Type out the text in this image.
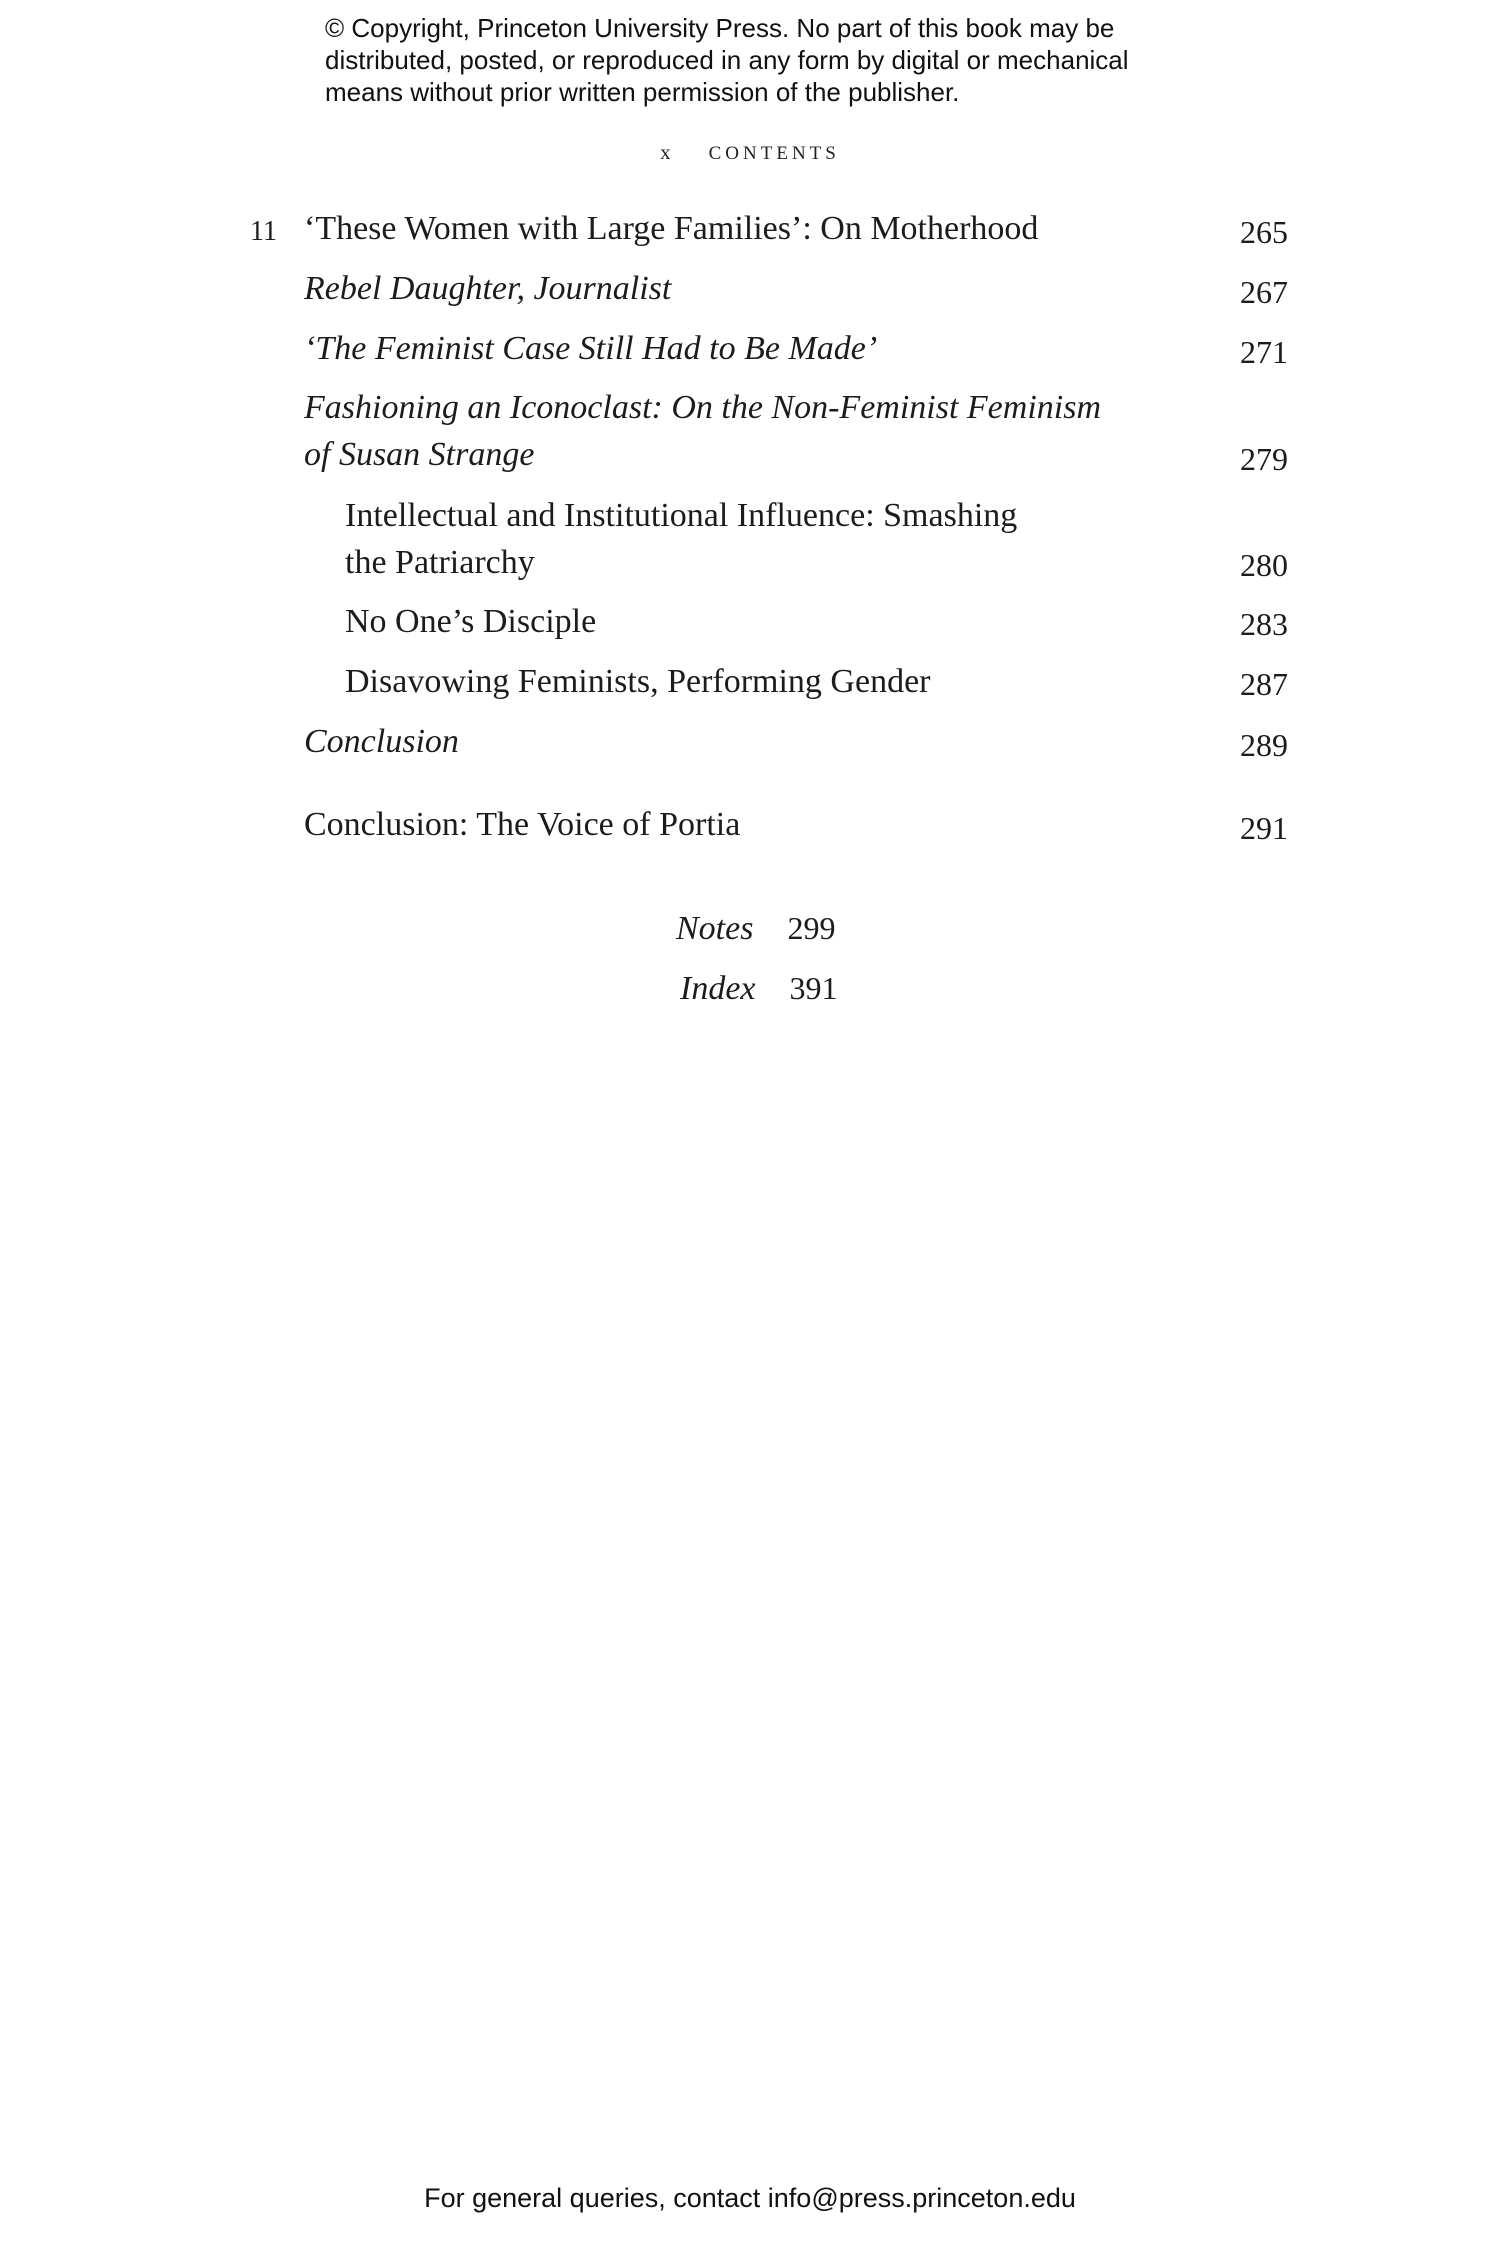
© Copyright, Princeton University Press. No part of this book may be
distributed, posted, or reproduced in any form by digital or mechanical
means without prior written permission of the publisher.
x CONTENTS
11 ‘These Women with Large Families’: On Motherhood	265
Rebel Daughter, Journalist	267
‘The Feminist Case Still Had to Be Made’	271
Fashioning an Iconoclast: On the Non-Feminist Feminism
of Susan Strange	279
Intellectual and Institutional Influence: Smashing
the Patriarchy	280
No One’s Disciple	283
Disavowing Feminists, Performing Gender	287
Conclusion	289
Conclusion: The Voice of Portia	291
Notes 299
Index 391
For general queries, contact info@press.princeton.edu
